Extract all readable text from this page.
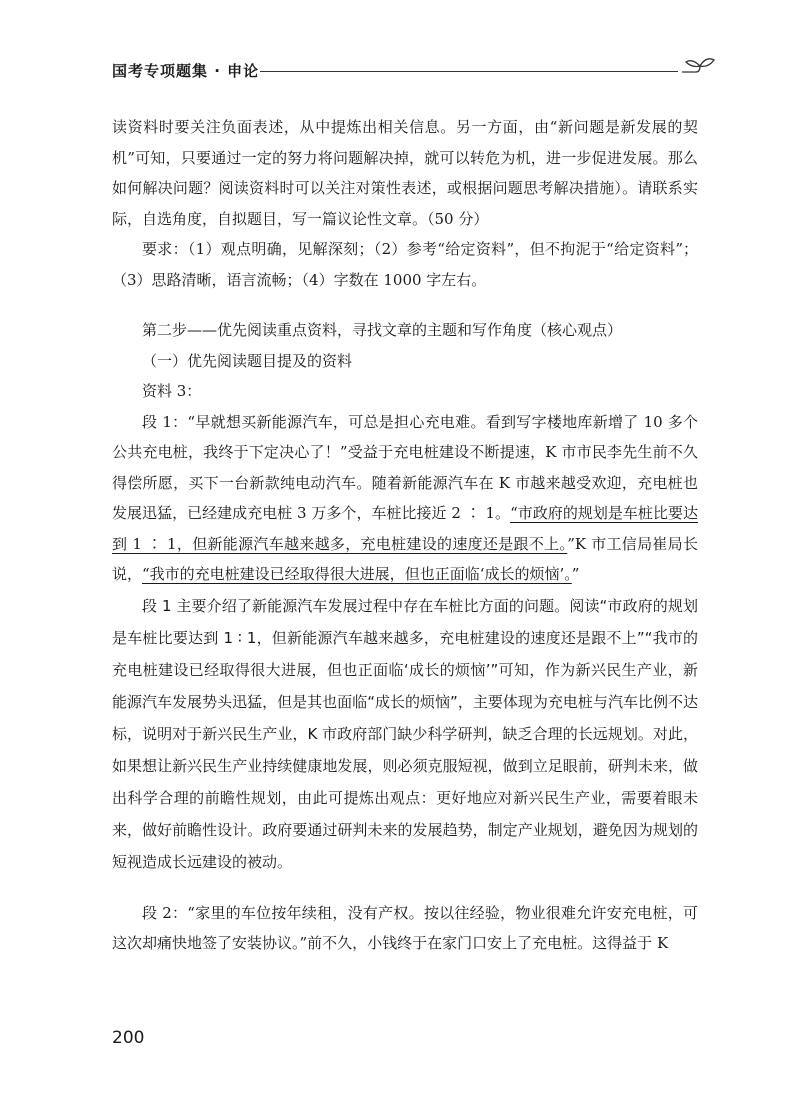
国考专项题集 · 申论

读资料时要关注负面表述，从中提炼出相关信息。另一方面，由“新问题是新发展的契机”可知，只要通过一定的努力将问题解决掉，就可以转危为机，进一步促进发展。那么如何解决问题？阅读资料时可以关注对策性表述，或根据问题思考解决措施）。请联系实际，自选角度，自拟题目，写一篇议论性文章。（50 分）

要求：（1）观点明确，见解深刻；（2）参考“给定资料”，但不拘泥于“给定资料”；（3）思路清晰，语言流畅；（4）字数在 1000 字左右。

第二步——优先阅读重点资料，寻找文章的主题和写作角度（核心观点）

（一）优先阅读题目提及的资料

资料 3：

段 1：“早就想买新能源汽车，可总是担心充电难。看到写字楼地库新增了 10 多个公共充电桩，我终于下定决心了！”受益于充电桩建设不断提速，K 市市民李先生前不久得偿所愿，买下一台新款纯电动汽车。随着新能源汽车在 K 市越来越受欢迎，充电桩也发展迅猛，已经建成充电桩 3 万多个，车桩比接近 2 ∶ 1。“市政府的规划是车桩比要达到 1 ∶ 1，但新能源汽车越来越多，充电桩建设的速度还是跟不上。”K 市工信局崔局长说，“我市的充电桩建设已经取得很大进展，但也正面临‘成长的烦恼’。”

段 1 主要介绍了新能源汽车发展过程中存在车桩比方面的问题。阅读“市政府的规划是车桩比要达到 1 ∶ 1，但新能源汽车越来越多，充电桩建设的速度还是跟不上”“我市的充电桩建设已经取得很大进展，但也正面临‘成长的烦恼’”可知，作为新兴民生产业，新能源汽车发展势头迅猛，但是其也面临“成长的烦恼”，主要体现为充电桩与汽车比例不达标，说明对于新兴民生产业，K 市政府部门缺少科学研判，缺乏合理的长远规划。对此，如果想让新兴民生产业持续健康地发展，则必须克服短视，做到立足眼前，研判未来，做出科学合理的前瞻性规划，由此可提炼出观点：更好地应对新兴民生产业，需要着眼未来，做好前瞻性设计。政府要通过研判未来的发展趋势，制定产业规划，避免因为规划的短视造成长远建设的被动。

段 2：“家里的车位按年续租，没有产权。按以往经验，物业很难允许安充电桩，可这次却痛快地签了安装协议。”前不久，小钱终于在家门口安上了充电桩。这得益于 K

200
